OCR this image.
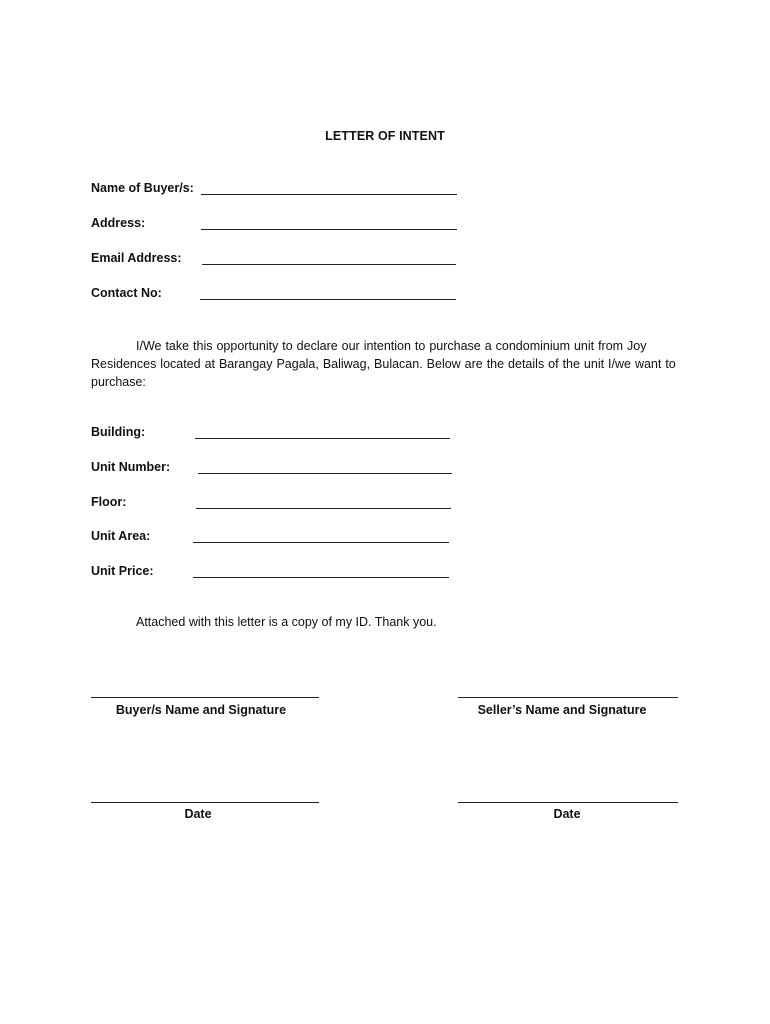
LETTER OF INTENT
Name of Buyer/s:
Address:
Email Address:
Contact No:
I/We take this opportunity to declare our intention to purchase a condominium unit from Joy Residences located at Barangay Pagala, Baliwag, Bulacan. Below are the details of the unit I/we want to purchase:
Building:
Unit Number:
Floor:
Unit Area:
Unit Price:
Attached with this letter is a copy of my ID. Thank you.
Buyer/s Name and Signature	Seller’s Name and Signature
Date	Date
